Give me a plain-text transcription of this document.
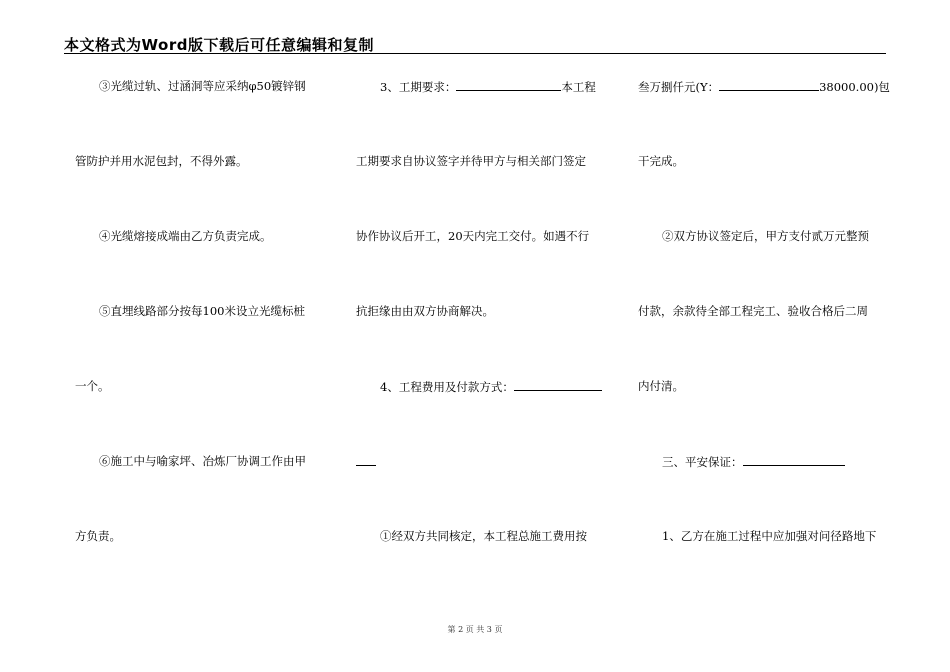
本文格式为Word版下载后可任意编辑和复制
③光缆过轨、过涵洞等应采纳φ50镀锌钢
管防护并用水泥包封，不得外露。
④光缆熔接成端由乙方负责完成。
⑤直埋线路部分按每100米设立光缆标桩
一个。
⑥施工中与喻家坪、冶炼厂协调工作由甲
方负责。
3、工期要求：	本工程
工期要求自协议签字并待甲方与相关部门签定
协作协议后开工，20天内完工交付。如遇不行
抗拒缘由由双方协商解决。
4、工程费用及付款方式：
①经双方共同核定，本工程总施工费用按
叁万捌仟元(Y：	38000.00)包
干完成。
②双方协议签定后，甲方支付贰万元整预
付款，余款待全部工程完工、验收合格后二周
内付清。
三、平安保证：
1、乙方在施工过程中应加强对问径路地下
第 2 页 共 3 页
